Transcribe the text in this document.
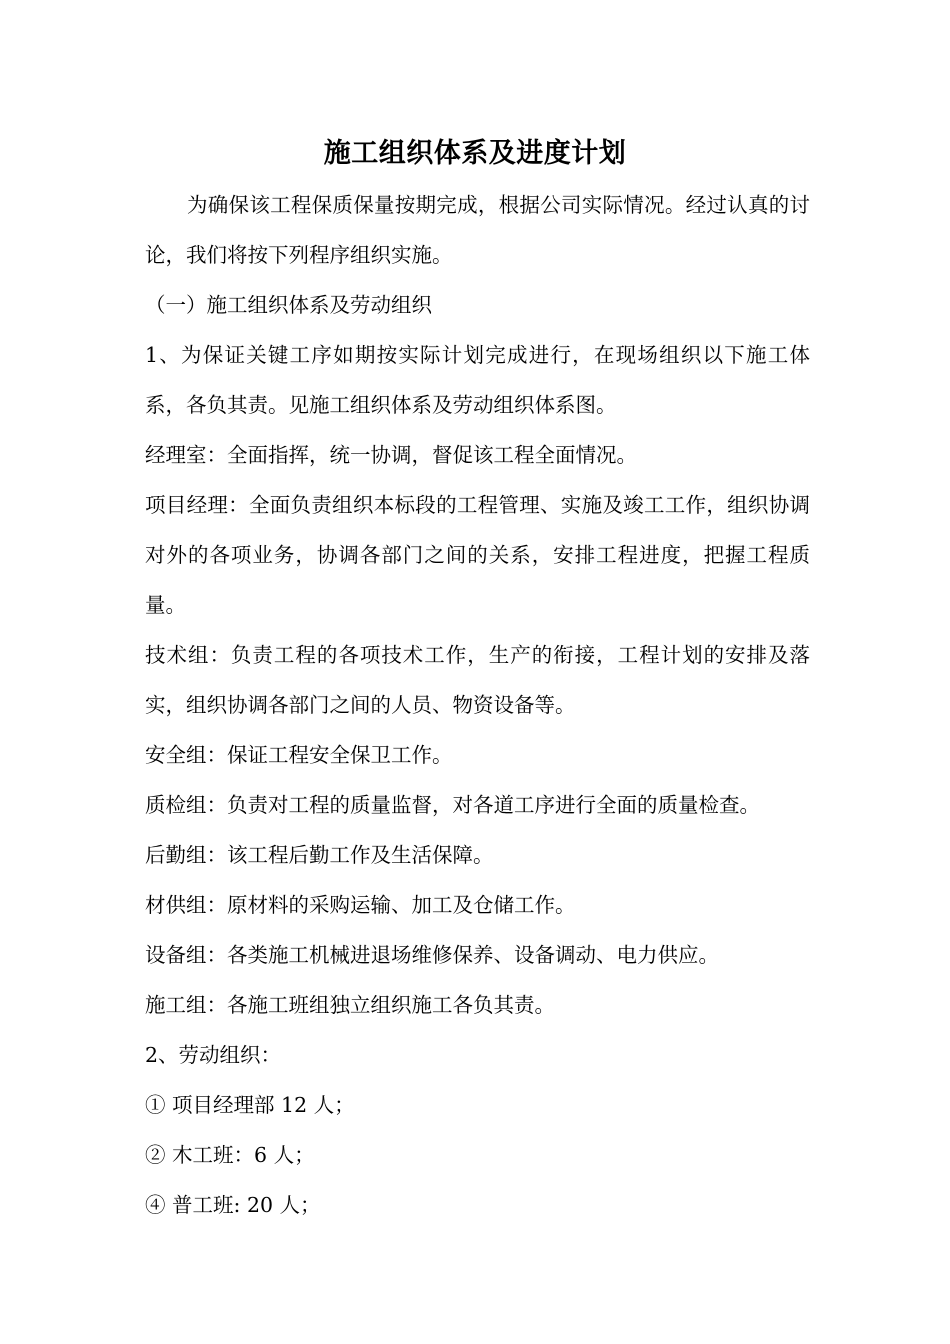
施工组织体系及进度计划

为确保该工程保质保量按期完成，根据公司实际情况。经过认真的讨论，我们将按下列程序组织实施。

（一）施工组织体系及劳动组织

1、为保证关键工序如期按实际计划完成进行，在现场组织以下施工体系，各负其责。见施工组织体系及劳动组织体系图。

经理室：全面指挥，统一协调，督促该工程全面情况。

项目经理：全面负责组织本标段的工程管理、实施及竣工工作，组织协调对外的各项业务，协调各部门之间的关系，安排工程进度，把握工程质量。

技术组：负责工程的各项技术工作，生产的衔接，工程计划的安排及落实，组织协调各部门之间的人员、物资设备等。

安全组：保证工程安全保卫工作。

质检组：负责对工程的质量监督，对各道工序进行全面的质量检查。

后勤组：该工程后勤工作及生活保障。

材供组：原材料的采购运输、加工及仓储工作。

设备组：各类施工机械进退场维修保养、设备调动、电力供应。

施工组：各施工班组独立组织施工各负其责。

2、劳动组织：

① 项目经理部 12 人；

② 木工班：6 人；

④ 普工班: 20 人；
